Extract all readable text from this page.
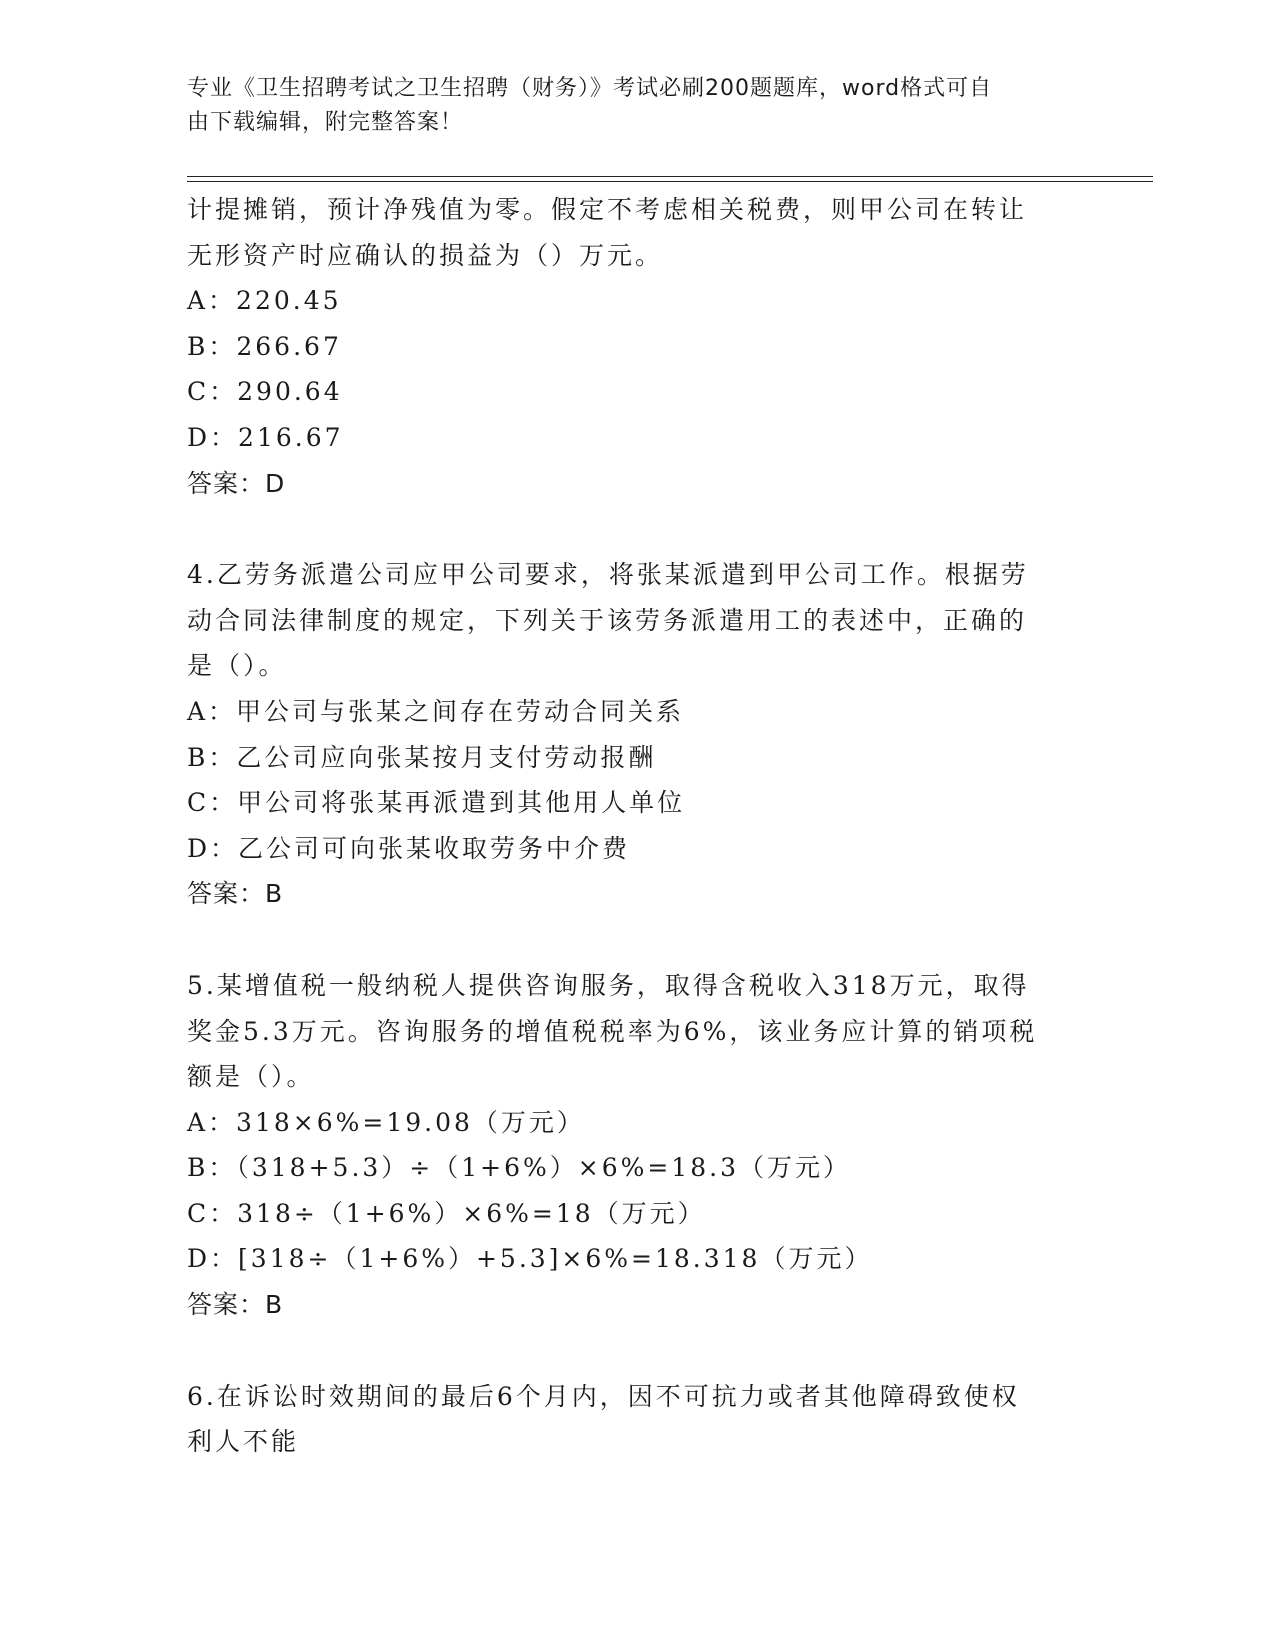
专业《卫生招聘考试之卫生招聘（财务）》考试必刷200题题库，word格式可自
由下载编辑，附完整答案！
计提摊销，预计净残值为零。假定不考虑相关税费，则甲公司在转让
无形资产时应确认的损益为（）万元。
A：220.45
B：266.67
C：290.64
D：216.67
答案：D
4.乙劳务派遣公司应甲公司要求，将张某派遣到甲公司工作。根据劳
动合同法律制度的规定，下列关于该劳务派遣用工的表述中，正确的
是（）。
A：甲公司与张某之间存在劳动合同关系
B：乙公司应向张某按月支付劳动报酬
C：甲公司将张某再派遣到其他用人单位
D：乙公司可向张某收取劳务中介费
答案：B
5.某增值税一般纳税人提供咨询服务，取得含税收入318万元，取得
奖金5.3万元。咨询服务的增值税税率为6%，该业务应计算的销项税
额是（）。
A：318×6%=19.08（万元）
B：（318+5.3）÷（1+6%）×6%=18.3（万元）
C：318÷（1+6%）×6%=18（万元）
D：[318÷（1+6%）+5.3]×6%=18.318（万元）
答案：B
6.在诉讼时效期间的最后6个月内，因不可抗力或者其他障碍致使权
利人不能
